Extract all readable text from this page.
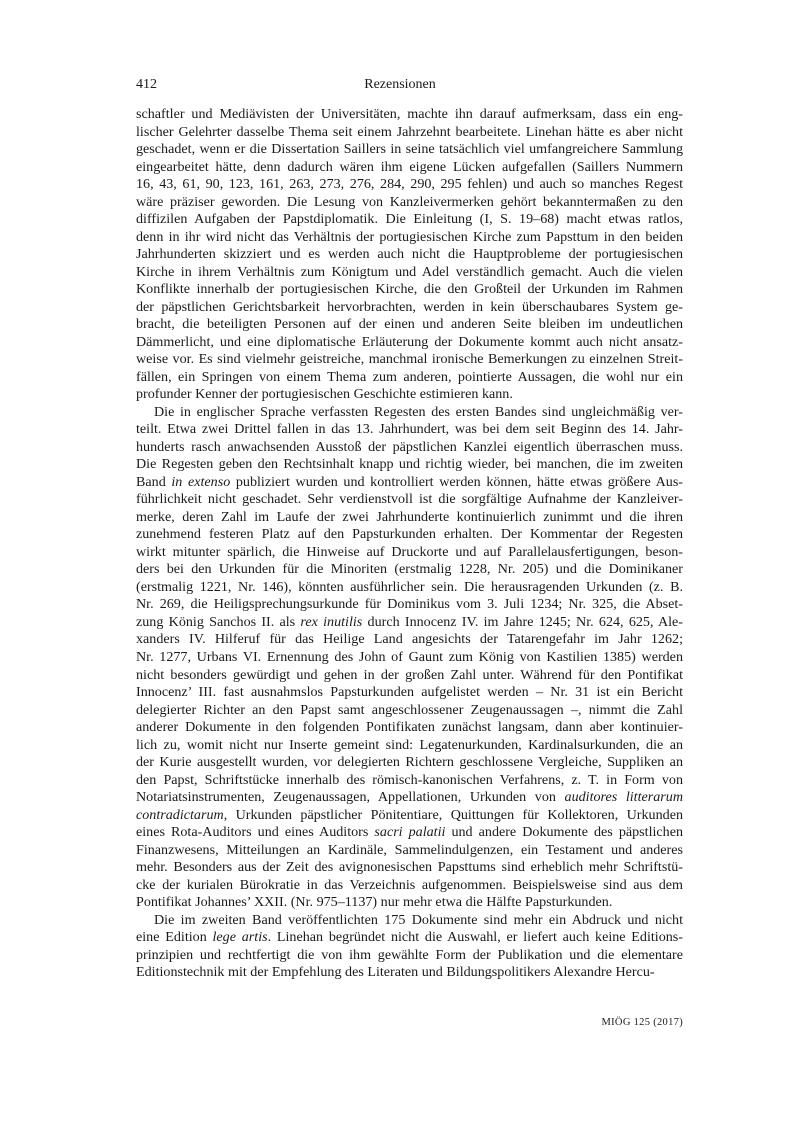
412	Rezensionen

schaftler und Mediävisten der Universitäten, machte ihn darauf aufmerksam, dass ein eng-
lischer Gelehrter dasselbe Thema seit einem Jahrzehnt bearbeitete. Linehan hätte es aber nicht
geschadet, wenn er die Dissertation Saillers in seine tatsächlich viel umfangreichere Sammlung
eingearbeitet hätte, denn dadurch wären ihm eigene Lücken aufgefallen (Saillers Nummern
16, 43, 61, 90, 123, 161, 263, 273, 276, 284, 290, 295 fehlen) und auch so manches Regest
wäre präziser geworden. Die Lesung von Kanzleivermerken gehört bekanntermaßen zu den
diffizilen Aufgaben der Papstdiplomatik. Die Einleitung (I, S. 19–68) macht etwas ratlos,
denn in ihr wird nicht das Verhältnis der portugiesischen Kirche zum Papsttum in den beiden
Jahrhunderten skizziert und es werden auch nicht die Hauptprobleme der portugiesischen
Kirche in ihrem Verhältnis zum Königtum und Adel verständlich gemacht. Auch die vielen
Konflikte innerhalb der portugiesischen Kirche, die den Großteil der Urkunden im Rahmen
der päpstlichen Gerichtsbarkeit hervorbrachten, werden in kein überschaubares System ge-
bracht, die beteiligten Personen auf der einen und anderen Seite bleiben im undeutlichen
Dämmerlicht, und eine diplomatische Erläuterung der Dokumente kommt auch nicht ansatz-
weise vor. Es sind vielmehr geistreiche, manchmal ironische Bemerkungen zu einzelnen Streit-
fällen, ein Springen von einem Thema zum anderen, pointierte Aussagen, die wohl nur ein
profunder Kenner der portugiesischen Geschichte estimieren kann.
Die in englischer Sprache verfassten Regesten des ersten Bandes sind ungleichmäßig ver-
teilt. Etwa zwei Drittel fallen in das 13. Jahrhundert, was bei dem seit Beginn des 14. Jahr-
hunderts rasch anwachsenden Ausstoß der päpstlichen Kanzlei eigentlich überraschen muss.
Die Regesten geben den Rechtsinhalt knapp und richtig wieder, bei manchen, die im zweiten
Band in extenso publiziert wurden und kontrolliert werden können, hätte etwas größere Aus-
führlichkeit nicht geschadet. Sehr verdienstvoll ist die sorgfältige Aufnahme der Kanzleiver-
merke, deren Zahl im Laufe der zwei Jahrhunderte kontinuierlich zunimmt und die ihren
zunehmend festeren Platz auf den Papsturkunden erhalten. Der Kommentar der Regesten
wirkt mitunter spärlich, die Hinweise auf Druckorte und auf Parallelausfertigungen, beson-
ders bei den Urkunden für die Minoriten (erstmalig 1228, Nr. 205) und die Dominikaner
(erstmalig 1221, Nr. 146), könnten ausführlicher sein. Die herausragenden Urkunden (z. B.
Nr. 269, die Heiligsprechungsurkunde für Dominikus vom 3. Juli 1234; Nr. 325, die Abset-
zung König Sanchos II. als rex inutilis durch Innocenz IV. im Jahre 1245; Nr. 624, 625, Ale-
xanders IV. Hilferuf für das Heilige Land angesichts der Tatarengefahr im Jahr 1262;
Nr. 1277, Urbans VI. Ernennung des John of Gaunt zum König von Kastilien 1385) werden
nicht besonders gewürdigt und gehen in der großen Zahl unter. Während für den Pontifikat
Innocenz’ III. fast ausnahmslos Papsturkunden aufgelistet werden – Nr. 31 ist ein Bericht
delegierter Richter an den Papst samt angeschlossener Zeugenaussagen –, nimmt die Zahl
anderer Dokumente in den folgenden Pontifikaten zunächst langsam, dann aber kontinuier-
lich zu, womit nicht nur Inserte gemeint sind: Legatenurkunden, Kardinalsurkunden, die an
der Kurie ausgestellt wurden, vor delegierten Richtern geschlossene Vergleiche, Suppliken an
den Papst, Schriftstücke innerhalb des römisch-kanonischen Verfahrens, z. T. in Form von
Notariatsinstrumenten, Zeugenaussagen, Appellationen, Urkunden von auditores litterarum
contradictarum, Urkunden päpstlicher Pönitentiare, Quittungen für Kollektoren, Urkunden
eines Rota-Auditors und eines Auditors sacri palatii und andere Dokumente des päpstlichen
Finanzwesens, Mitteilungen an Kardinäle, Sammelindulgenzen, ein Testament und anderes
mehr. Besonders aus der Zeit des avignonesischen Papsttums sind erheblich mehr Schriftstü-
cke der kurialen Bürokratie in das Verzeichnis aufgenommen. Beispielsweise sind aus dem
Pontifikat Johannes’ XXII. (Nr. 975–1137) nur mehr etwa die Hälfte Papsturkunden.
Die im zweiten Band veröffentlichten 175 Dokumente sind mehr ein Abdruck und nicht
eine Edition lege artis. Linehan begründet nicht die Auswahl, er liefert auch keine Editions-
prinzipien und rechtfertigt die von ihm gewählte Form der Publikation und die elementare
Editionstechnik mit der Empfehlung des Literaten und Bildungspolitikers Alexandre Hercu-

MIÖG 125 (2017)
